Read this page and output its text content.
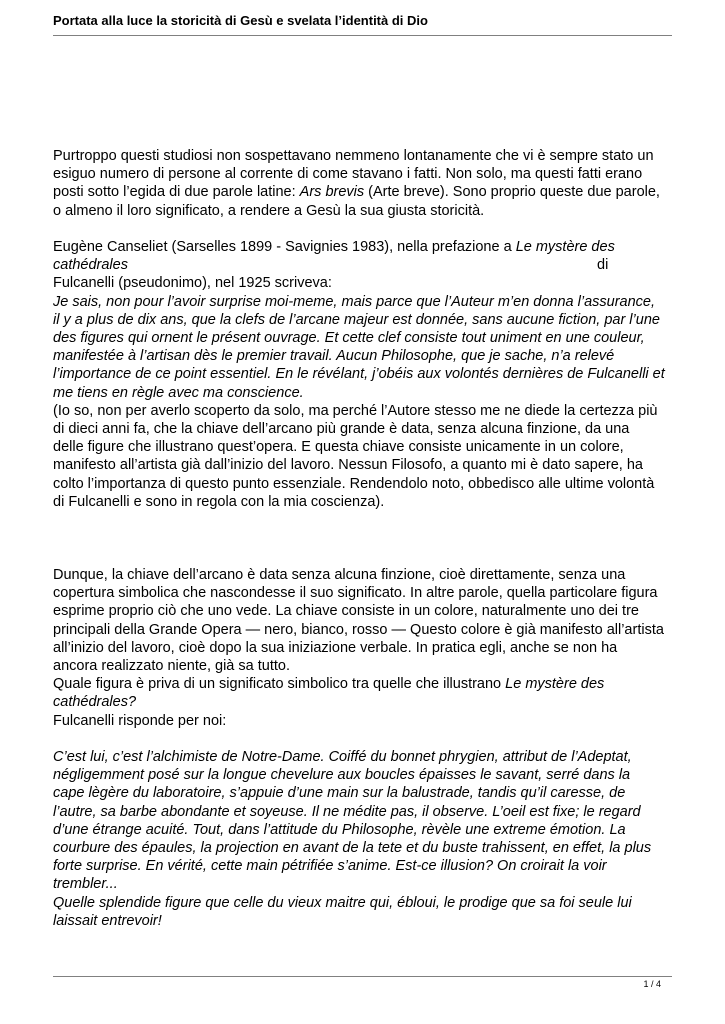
Portata alla luce la storicità di Gesù e svelata l’identità di Dio
Purtroppo questi studiosi non sospettavano nemmeno lontanamente che vi è sempre stato un
esiguo numero di persone al corrente di come stavano i fatti. Non solo, ma questi fatti erano
posti sotto l’egida di due parole latine: Ars brevis (Arte breve). Sono proprio queste due parole,
o almeno il loro significato, a rendere a Gesù la sua giusta storicità.
Eugène Canseliet (Sarselles 1899 - Savignies 1983), nella prefazione a Le mystère des
cathédrales	di
Fulcanelli (pseudonimo), nel 1925 scriveva:
Je sais, non pour l’avoir surprise moi-meme, mais parce que l’Auteur m’en donna l’assurance,
il y a plus de dix ans, que la clefs de l’arcane majeur est donnée, sans aucune fiction, par l’une
des figures qui ornent le présent ouvrage. Et cette clef consiste tout uniment en une couleur,
manifestée à l’artisan dès le premier travail. Aucun Philosophe, que je sache, n’a relevé
l’importance de ce point essentiel. En le révélant, j’obéis aux volontés dernières de Fulcanelli et
me tiens en règle avec ma conscience.
(Io so, non per averlo scoperto da solo, ma perché l’Autore stesso me ne diede la certezza più
di dieci anni fa, che la chiave dell’arcano più grande è data, senza alcuna finzione, da una
delle figure che illustrano quest’opera. E questa chiave consiste unicamente in un colore,
manifesto all’artista già dall’inizio del lavoro. Nessun Filosofo, a quanto mi è dato sapere, ha
colto l’importanza di questo punto essenziale. Rendendolo noto, obbedisco alle ultime volontà
di Fulcanelli e sono in regola con la mia coscienza).
Dunque, la chiave dell’arcano è data senza alcuna finzione, cioè direttamente, senza una
copertura simbolica che nascondesse il suo significato. In altre parole, quella particolare figura
esprime proprio ciò che uno vede. La chiave consiste in un colore, naturalmente uno dei tre
principali della Grande Opera — nero, bianco, rosso — Questo colore è già manifesto all’artista
all’inizio del lavoro, cioè dopo la sua iniziazione verbale. In pratica egli, anche se non ha
ancora realizzato niente, già sa tutto.
Quale figura è priva di un significato simbolico tra quelle che illustrano Le mystère des
cathédrales?
Fulcanelli risponde per noi:
C’est lui, c’est l’alchimiste de Notre-Dame. Coiffé du bonnet phrygien, attribut de l’Adeptat,
négligemment posé sur la longue chevelure aux boucles épaisses le savant, serré dans la
cape lègère du laboratoire, s’appuie d’une main sur la balustrade, tandis qu’il caresse, de
l’autre, sa barbe abondante et soyeuse. Il ne médite pas, il observe. L’oeil est fixe; le regard
d’une étrange acuité. Tout, dans l’attitude du Philosophe, rèvèle une extreme émotion. La
courbure des épaules, la projection en avant de la tete et du buste trahissent, en effet, la plus
forte surprise. En vérité, cette main pétrifiée s’anime. Est-ce illusion? On croirait la voir
trembler...
Quelle splendide figure que celle du vieux maitre qui, ébloui, le prodige que sa foi seule lui
laissait entrevoir!
1 / 4
